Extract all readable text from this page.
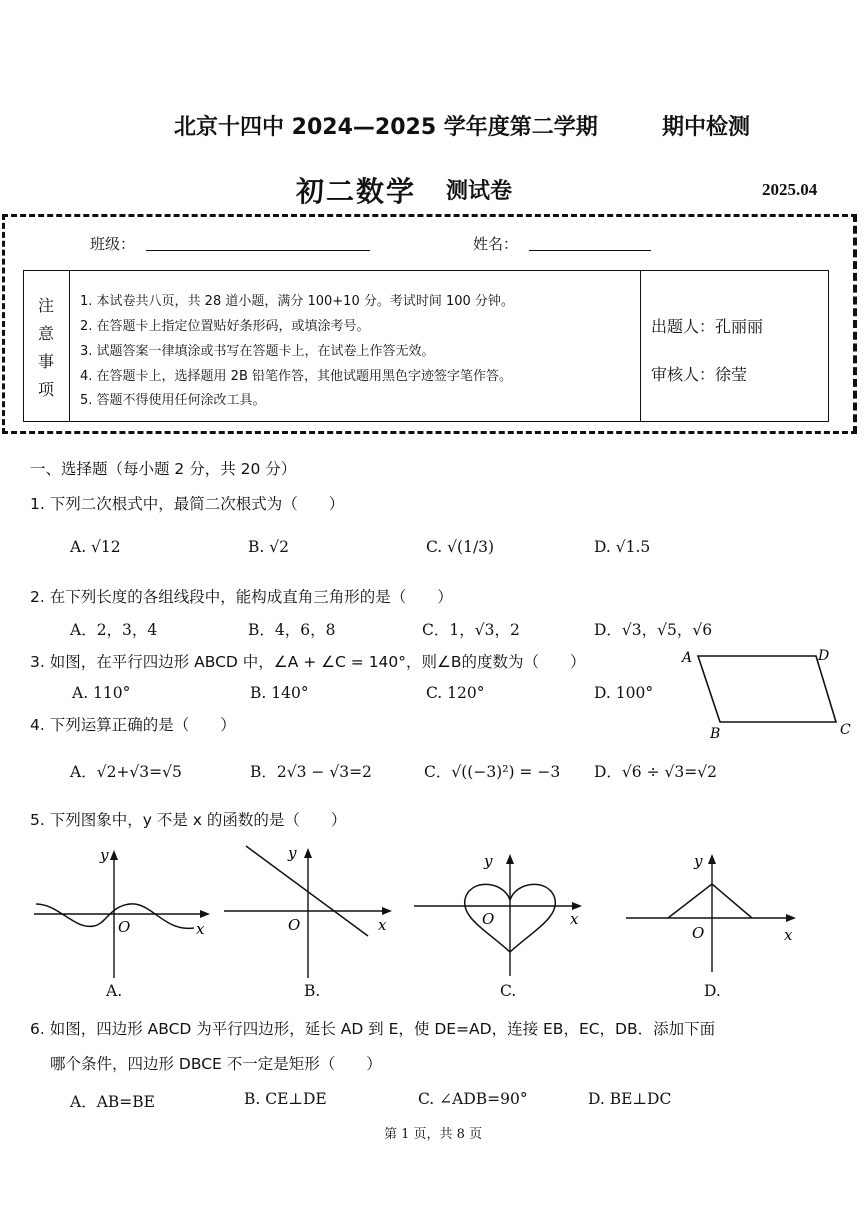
北京十四中 2024—2025 学年度第二学期	期中检测
初二数学 测试卷	2025.04
班级：	姓名：
注
意
事
项
1. 本试卷共八页，共 28 道小题，满分 100+10 分。考试时间 100 分钟。
2. 在答题卡上指定位置贴好条形码，或填涂考号。
3. 试题答案一律填涂或书写在答题卡上，在试卷上作答无效。
4. 在答题卡上，选择题用 2B 铅笔作答，其他试题用黑色字迹签字笔作答。
5. 答题不得使用任何涂改工具。
出题人：孔丽丽
审核人：徐莹
一、选择题（每小题 2 分，共 20 分）
1. 下列二次根式中，最简二次根式为（　　）
A. √12	B. √2	C. √(1/3)	D. √1.5
2. 在下列长度的各组线段中，能构成直角三角形的是（　　）
A．2，3，4	B．4，6，8	C．1，√3，2	D．√3，√5，√6
3. 如图，在平行四边形 ABCD 中，∠A + ∠C = 140°，则∠B的度数为（　　）
A. 110°	B. 140°	C. 120°	D. 100°
A	D
B	C
4. 下列运算正确的是（　　）
A．√2+√3=√5	B．2√3 − √3=2	C．√((−3)²) = −3 D．√6 ÷ √3=√2
5. 下列图象中，y 不是 x 的函数的是（　　）
y
x
O
A.
y
x
O
B.
y
x
O
C.
y
x
O
D.
6. 如图，四边形 ABCD 为平行四边形，延长 AD 到 E，使 DE=AD，连接 EB，EC，DB．添加下面
哪个条件，四边形 DBCE 不一定是矩形（　　）
A．AB=BE	B. CE⊥DE	C. ∠ADB=90°	D. BE⊥DC
第 1 页，共 8 页
